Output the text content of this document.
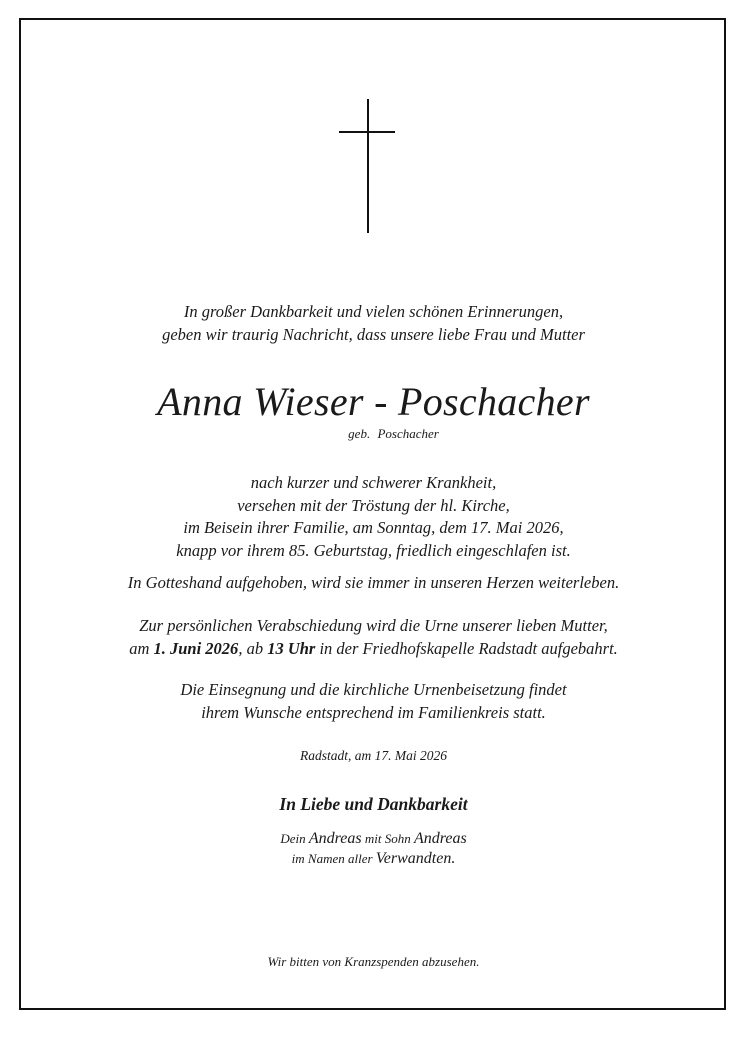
In großer Dankbarkeit und vielen schönen Erinnerungen,
geben wir traurig Nachricht, dass unsere liebe Frau und Mutter
Anna Wieser - Poschacher
geb. Poschacher
nach kurzer und schwerer Krankheit,
versehen mit der Tröstung der hl. Kirche,
im Beisein ihrer Familie, am Sonntag, dem 17. Mai 2026,
knapp vor ihrem 85. Geburtstag, friedlich eingeschlafen ist.
In Gotteshand aufgehoben, wird sie immer in unseren Herzen weiterleben.
Zur persönlichen Verabschiedung wird die Urne unserer lieben Mutter,
am 1. Juni 2026, ab 13 Uhr in der Friedhofskapelle Radstadt aufgebahrt.
Die Einsegnung und die kirchliche Urnenbeisetzung findet
ihrem Wunsche entsprechend im Familienkreis statt.
Radstadt, am 17. Mai 2026
In Liebe und Dankbarkeit
Dein Andreas mit Sohn Andreas
im Namen aller Verwandten.
Wir bitten von Kranzspenden abzusehen.
